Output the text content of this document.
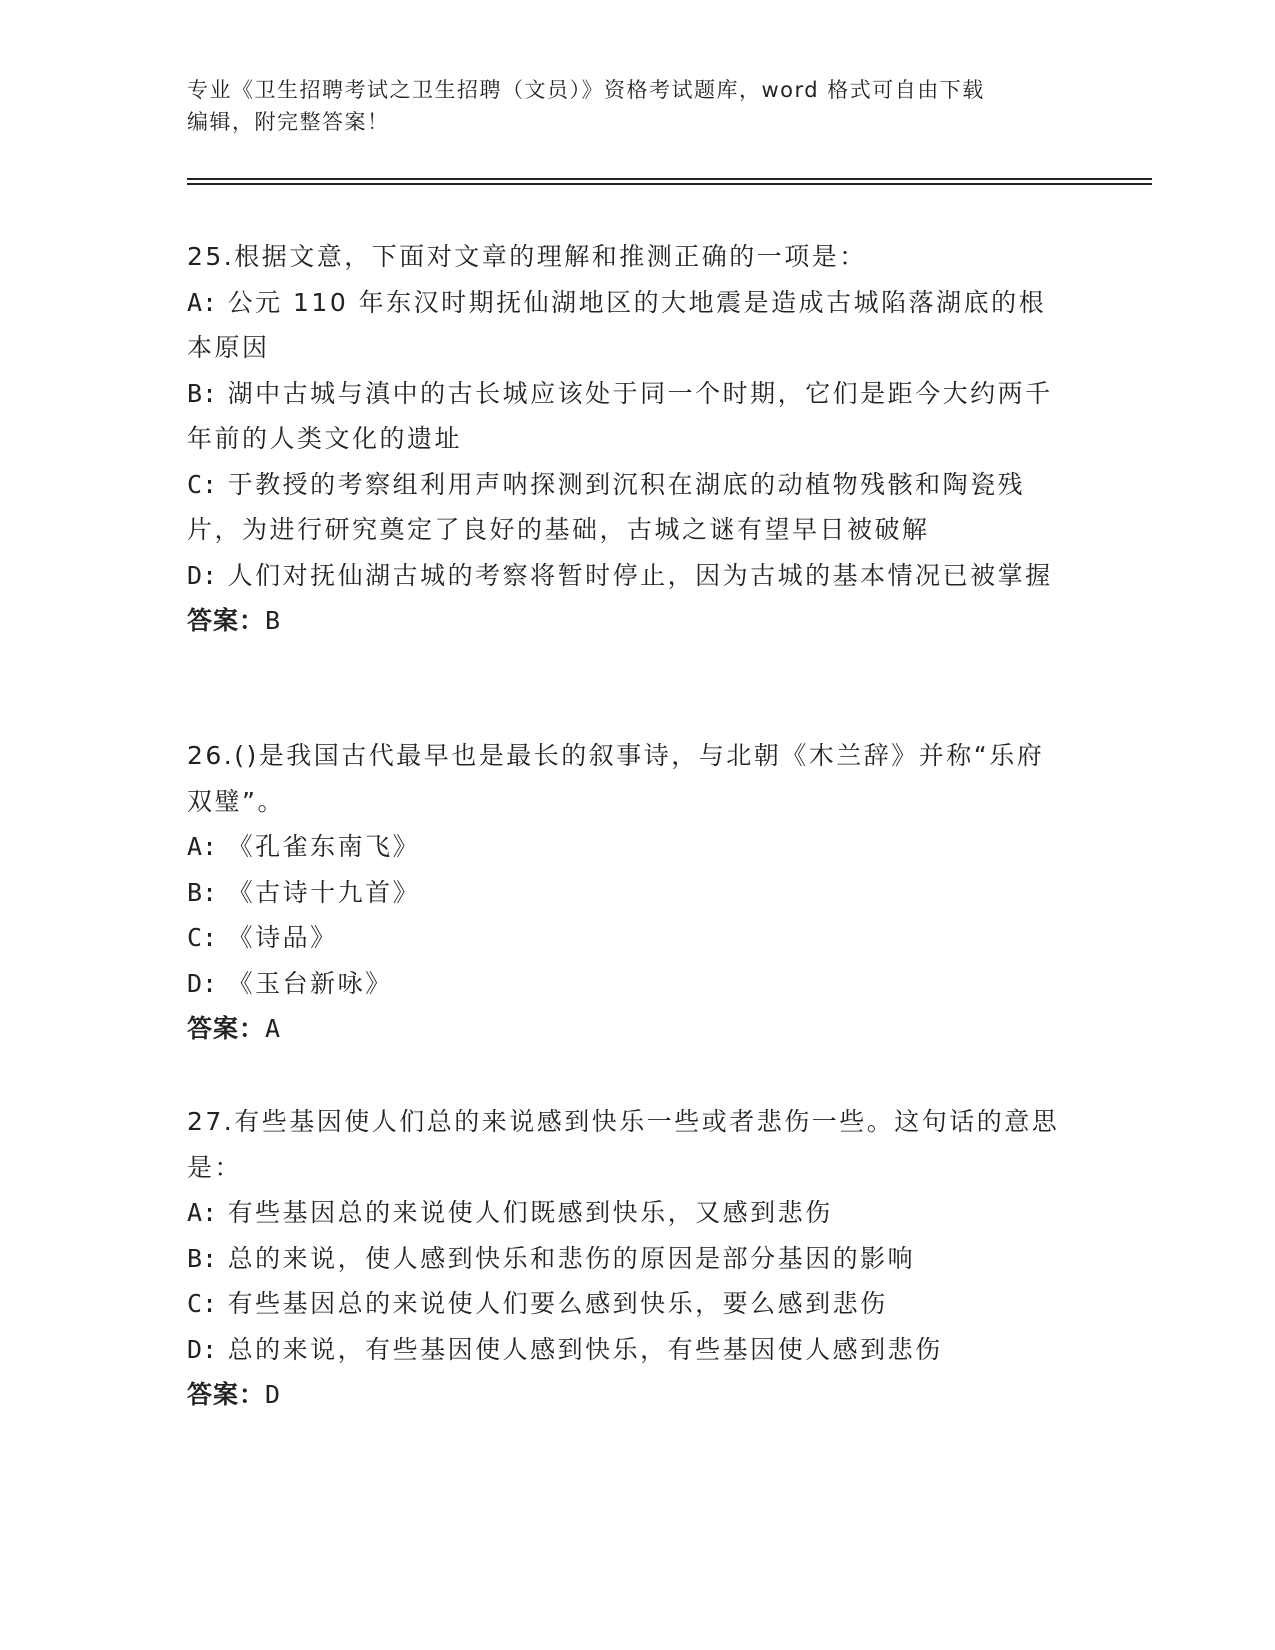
专业《卫生招聘考试之卫生招聘（文员）》资格考试题库，word 格式可自由下载
编辑，附完整答案！

25.根据文意，下面对文章的理解和推测正确的一项是：

A: 公元 110 年东汉时期抚仙湖地区的大地震是造成古城陷落湖底的根本原因

B: 湖中古城与滇中的古长城应该处于同一个时期，它们是距今大约两千年前的人类文化的遗址

C: 于教授的考察组利用声呐探测到沉积在湖底的动植物残骸和陶瓷残片，为进行研究奠定了良好的基础，古城之谜有望早日被破解

D: 人们对抚仙湖古城的考察将暂时停止，因为古城的基本情况已被掌握

答案：B

26.()是我国古代最早也是最长的叙事诗，与北朝《木兰辞》并称“乐府双璧”。

A: 《孔雀东南飞》

B: 《古诗十九首》

C: 《诗品》

D: 《玉台新咏》

答案：A

27.有些基因使人们总的来说感到快乐一些或者悲伤一些。这句话的意思是：

A: 有些基因总的来说使人们既感到快乐，又感到悲伤

B: 总的来说，使人感到快乐和悲伤的原因是部分基因的影响

C: 有些基因总的来说使人们要么感到快乐，要么感到悲伤

D: 总的来说，有些基因使人感到快乐，有些基因使人感到悲伤

答案：D
